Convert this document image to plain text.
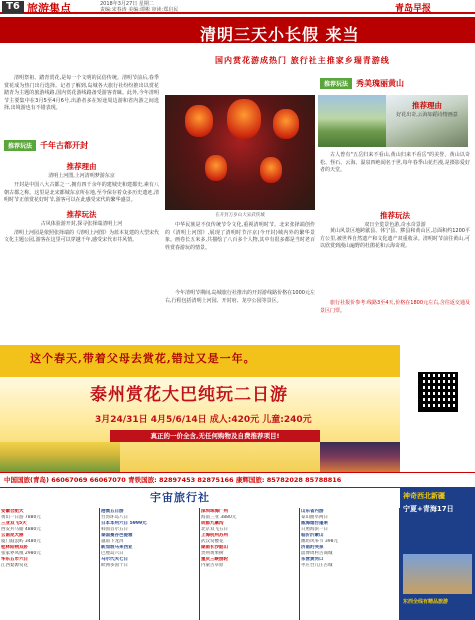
T6 旅游集点	2018年3月27日 星期二
责编:宋春涛 美编:谭彬 审读:郑启民	青岛早报
清明三天小长假 来当
国内赏花游成热门 旅行社主推家乡瑞青游线
清明祭祖、踏青赏花,是每一个文明的民俗传统。清明节前后,春季赏花成为热门出行选择。记者了解到,岛城各大旅行社纷纷推出以赏花踏青为主题的旅游线路,国内赏花游线路备受游客青睐。此外,今年清明节主要集中在3月5至4月6号,出游者多在短途周边游和省内游之间选择,出境游也有不错表现。
推荐玩法	千年古都开封
推荐理由
清明上河图,上河清明梦游东京
开封是中国八大古都之一,拥有四千余年的建城史和建都史,素有八朝古都之称。这里是北宋都城东京所在地,至今保存着众多历史遗迹,清明时节正值赏花好时节,游客可以在此感受宋代的繁华盛景。
推荐玩法
古风体验游开封,探寻张择端清明上河
清明上河园是依照张择端的《清明上河图》为蓝本复建的大型宋代文化主题公园,游客在这里可以穿越千年,感受宋代市井风情。
在开封万岁山大宋武侠城
中华民族是不仅传统节令文化,重视清明时节。北宋张择端创作的《清明上河图》,展现了清明时节汴京(今开封)城内外的繁华景象。画卷长五米多,共描绘了八百多个人物,其中有很多都是当时老百姓赏春游玩的情景。
今年清明节期间,岛城旅行社推出的开封游线路价格在1000元左右,行程包括清明上河园、开封府、龙亭公园等景区。
推荐玩法	秀美瑰丽黄山
推荐理由
好花出奇,云海如蹈诗情画意
古人曾有"五岳归来不看山,黄山归来不看岳"的美誉。黄山以奇松、怪石、云海、温泉四绝闻名于世,每年春季山花烂漫,是摄影爱好者的天堂。
推荐玩法
双日全览景色游,奇水奇景游
黄山风景区地跨歙县、休宁县、黟县和黄山区,总面积约1200平方公里,被世界自然遗产和文化遗产双重收录。清明时节前往黄山,可以欣赏到漫山遍野的杜鹃花和云海奇观。
旅行社报价参考:线路3至4天,价格在1800元左右,含往返交通及景区门票。
这个春天,带着父母去赏花,错过又是一年。
泰州赏花大巴纯玩二日游
3月24/31日 4月5/6/14日 成人:420元 儿童:240元
真正的一价全含,无任何购物及自费推荐项目!
中国国旅(青岛) 66067069 66067070 青铁国旅: 82897453 82875166 康辉国旅: 85782028 85788816
宇宙旅行社	神奇西北新疆
宁夏+青海17日
东西全线有精品旅游
安徽合肥大
黄山一日游 7880元
三亚双飞5天
西安兵马俑 4880元
云南昆大丽
厦门鼓浪屿 3480元
桂林阳朔双卧
张家界凤凰 2980元
华东五市六日
江西婺源赏花
港澳五日游
台湾环岛八日
日本本州六日 5999元
韩国首尔五日
泰国曼谷芭提雅
越南下龙湾
新加坡马来西亚
巴厘岛六日
马尔代夫七日
欧洲多国十日
深圳珠海广州
海南三亚 3880元
成都九寨沟
北京双飞五日
上海杭州苏州
武汉赏樱花
湖南长沙韶山
贵州黄果树
重庆三峡游轮
内蒙古草原
山东省内游
泰山曲阜两日
威海烟台蓬莱
日照海滨一日
临沂沂蒙山
潍坊风筝节 398元
济南趵突泉
淄博周村古商城
东营黄河口
枣庄台儿庄古城
